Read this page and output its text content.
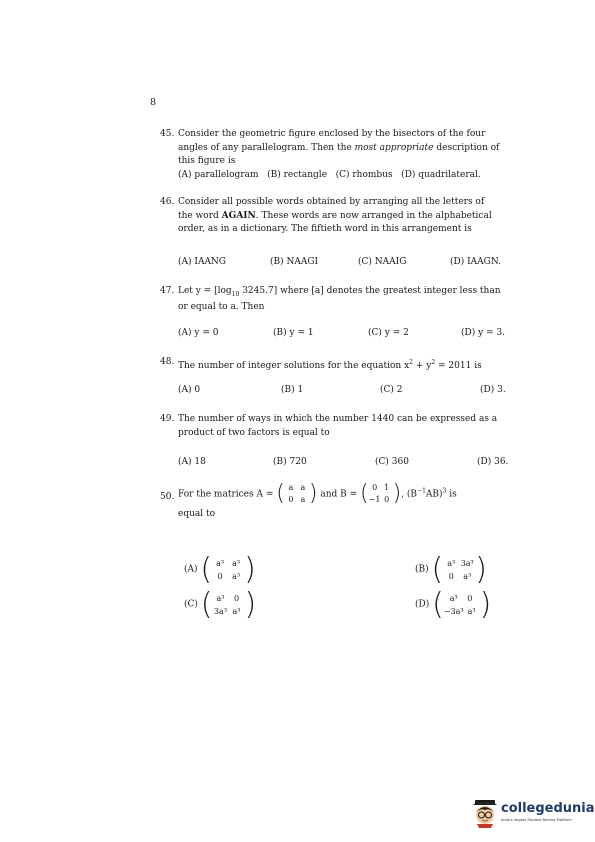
8
45. Consider the geometric figure enclosed by the bisectors of the four
angles of any parallelogram. Then the most appropriate description of
this figure is
(A) parallelogram   (B) rectangle   (C) rhombus   (D) quadrilateral.
46. Consider all possible words obtained by arranging all the letters of
the word AGAIN. These words are now arranged in the alphabetical
order, as in a dictionary. The fiftieth word in this arrangement is
(A) IAANG	(B) NAAGI	(C) NAAIG	(D) IAAGN.
47. Let $y = [\log_{10}$ 3245.7] where [a] denotes the greatest integer less than
or equal to a. Then
(A) y = 0	(B) y = 1	(C) y = 2	(D) y = 3.
48. The number of integer solutions for the equation $x^2 + y^2 = 2011$ is
(A) 0	(B) 1	(C) 2	(D) 3.
49. The number of ways in which the number 1440 can be expressed as a
product of two factors is equal to
(A) 18	(B) 720	(C) 360	(D) 36.
50. For the matrices A = ( a a
0 a ) and B = ( 0 1
−1 0 ), $(B^{-1}AB)^3$ is
equal to
(A) ( a³ a³
0 a³ )	(B) ( a³ 3a³
0 a³ )
(C) ( a³ 0
3a³ a³ )	(D) ( a³ 0
−3a³ a³ )
collegedunia
India's largest Student Review Platform
